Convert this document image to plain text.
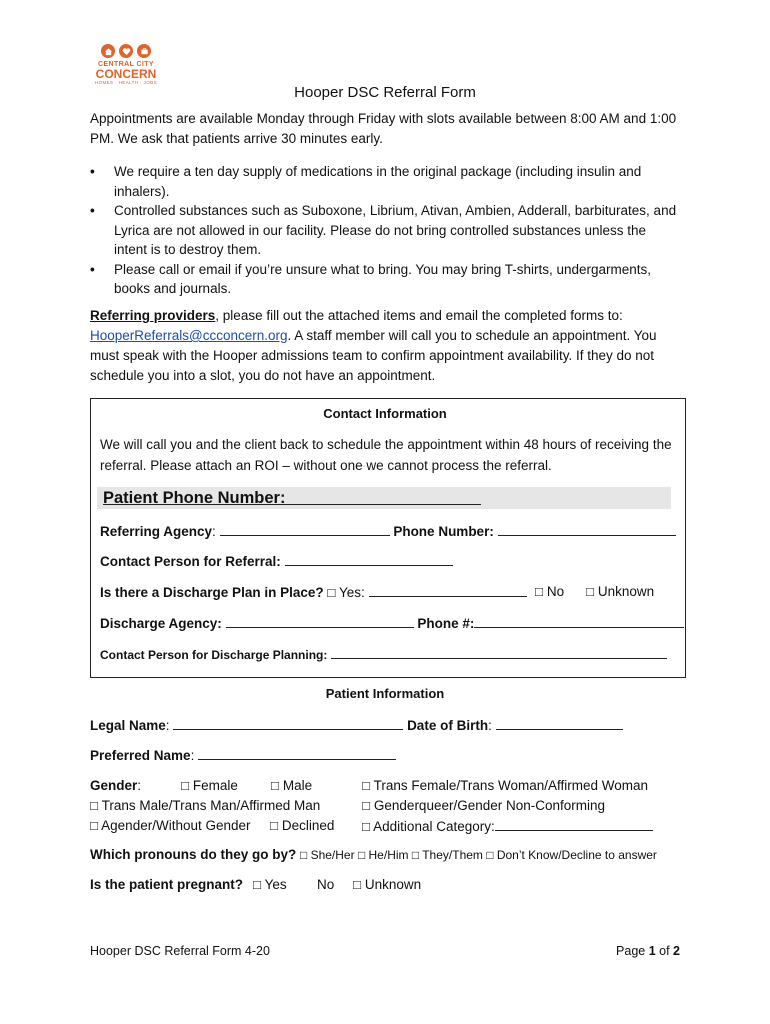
CENTRAL CITY
CONCERN
HOMES · HEALTH · JOBS
Hooper DSC Referral Form
Appointments are available Monday through Friday with slots available between 8:00 AM and 1:00 PM. We ask that patients arrive 30 minutes early.
• We require a ten day supply of medications in the original package (including insulin and inhalers).
• Controlled substances such as Suboxone, Librium, Ativan, Ambien, Adderall, barbiturates, and Lyrica are not allowed in our facility. Please do not bring controlled substances unless the intent is to destroy them.
• Please call or email if you’re unsure what to bring. You may bring T-shirts, undergarments, books and journals.
Referring providers, please fill out the attached items and email the completed forms to: HooperReferrals@ccconcern.org. A staff member will call you to schedule an appointment. You must speak with the Hooper admissions team to confirm appointment availability. If they do not schedule you into a slot, you do not have an appointment.
Contact Information
We will call you and the client back to schedule the appointment within 48 hours of receiving the referral. Please attach an ROI – without one we cannot process the referral.
Patient Phone Number:
Referring Agency:	Phone Number:
Contact Person for Referral:
Is there a Discharge Plan in Place? □ Yes:	□ No □ Unknown
Discharge Agency:	Phone #:
Contact Person for Discharge Planning:
Patient Information
Legal Name:	Date of Birth:
Preferred Name:
Gender:	□ Female □ Male	□ Trans Female/Trans Woman/Affirmed Woman
□ Trans Male/Trans Man/Affirmed Man	□ Genderqueer/Gender Non-Conforming
□ Agender/Without Gender □ Declined □ Additional Category:
Which pronouns do they go by? □ She/Her □ He/Him □ They/Them □ Don’t Know/Decline to answer
Is the patient pregnant? □ Yes No □ Unknown
Hooper DSC Referral Form 4-20	Page 1 of 2
